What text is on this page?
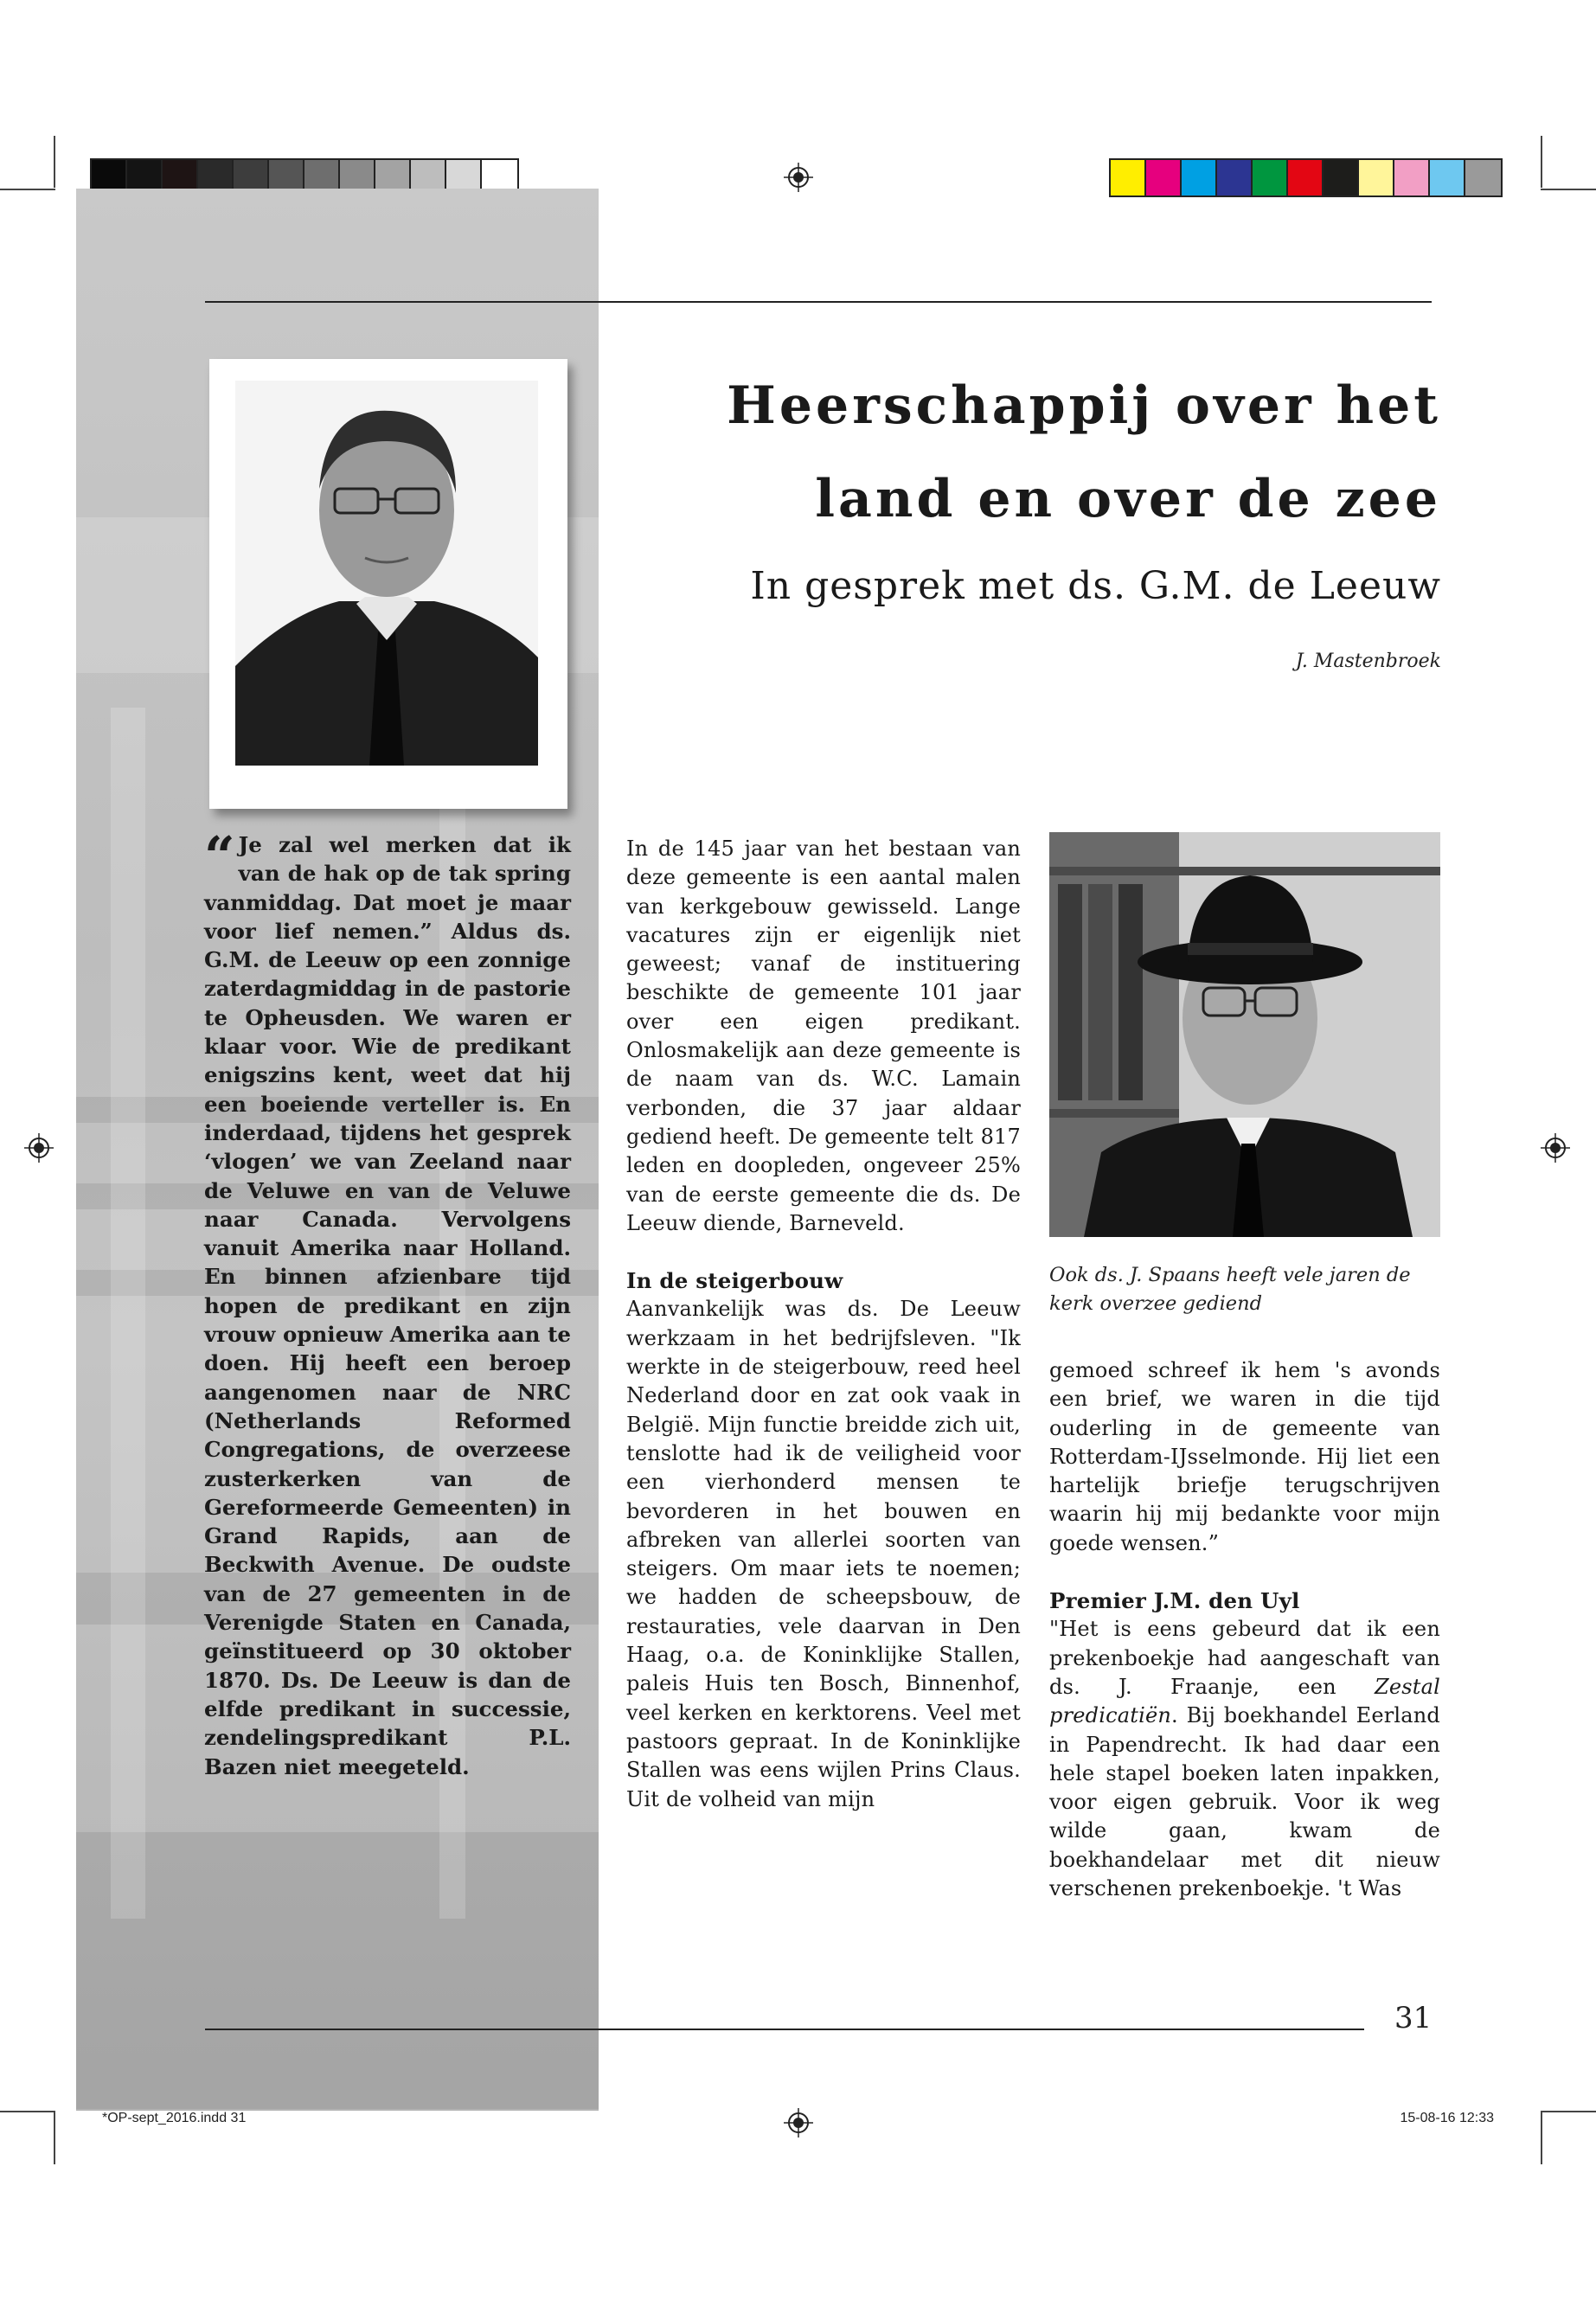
Heerschappij over het
land en over de zee
In gesprek met ds. G.M. de Leeuw
J. Mastenbroek
“ Je zal wel merken dat ik van de hak op de tak spring vanmiddag. Dat moet je maar voor lief nemen.” Aldus ds. G.M. de Leeuw op een zonnige zaterdagmiddag in de pastorie te Opheusden. We waren er klaar voor. Wie de predikant enigszins kent, weet dat hij een boeiende verteller is. En inderdaad, tijdens het gesprek ‘vlogen’ we van Zeeland naar de Veluwe en van de Veluwe naar Canada. Vervolgens vanuit Amerika naar Holland. En binnen afzienbare tijd hopen de predikant en zijn vrouw opnieuw Amerika aan te doen. Hij heeft een beroep aangenomen naar de NRC (Netherlands Reformed Congregations, de overzeese zusterkerken van de Gereformeerde Gemeenten) in Grand Rapids, aan de Beckwith Avenue. De oudste van de 27 gemeenten in de Verenigde Staten en Canada, geïnstitueerd op 30 oktober 1870. Ds. De Leeuw is dan de elfde predikant in successie, zendelingspredikant P.L. Bazen niet meegeteld.

In de 145 jaar van het bestaan van deze gemeente is een aantal malen van kerkgebouw gewisseld. Lange vacatures zijn er eigenlijk niet geweest; vanaf de instituering beschikte de gemeente 101 jaar over een eigen predikant. Onlosmakelijk aan deze gemeente is de naam van ds. W.C. Lamain verbonden, die 37 jaar aldaar gediend heeft. De gemeente telt 817 leden en doopleden, ongeveer 25% van de eerste gemeente die ds. De Leeuw diende, Barneveld.

In de steigerbouw

Aanvankelijk was ds. De Leeuw werkzaam in het bedrijfsleven. "Ik werkte in de steigerbouw, reed heel Nederland door en zat ook vaak in België. Mijn functie breidde zich uit, tenslotte had ik de veiligheid voor een vierhonderd mensen te bevorderen in het bouwen en afbreken van allerlei soorten van steigers. Om maar iets te noemen; we hadden de scheepsbouw, de restauraties, vele daarvan in Den Haag, o.a. de Koninklijke Stallen, paleis Huis ten Bosch, Binnenhof, veel kerken en kerktorens. Veel met pastoors gepraat. In de Koninklijke Stallen was eens wijlen Prins Claus. Uit de volheid van mijn

Ook ds. J. Spaans heeft vele jaren de kerk overzee gediend

gemoed schreef ik hem 's avonds een brief, we waren in die tijd ouderling in de gemeente van Rotterdam-IJsselmonde. Hij liet een hartelijk briefje terugschrijven waarin hij mij bedankte voor mijn goede wensen.”

Premier J.M. den Uyl

"Het is eens gebeurd dat ik een prekenboekje had aangeschaft van ds. J. Fraanje, een Zestal predicatiën. Bij boekhandel Eerland in Papendrecht. Ik had daar een hele stapel boeken laten inpakken, voor eigen gebruik. Voor ik weg wilde gaan, kwam de boekhandelaar met dit nieuw verschenen prekenboekje. 't Was

31
*OP-sept_2016.indd 31	15-08-16 12:33
